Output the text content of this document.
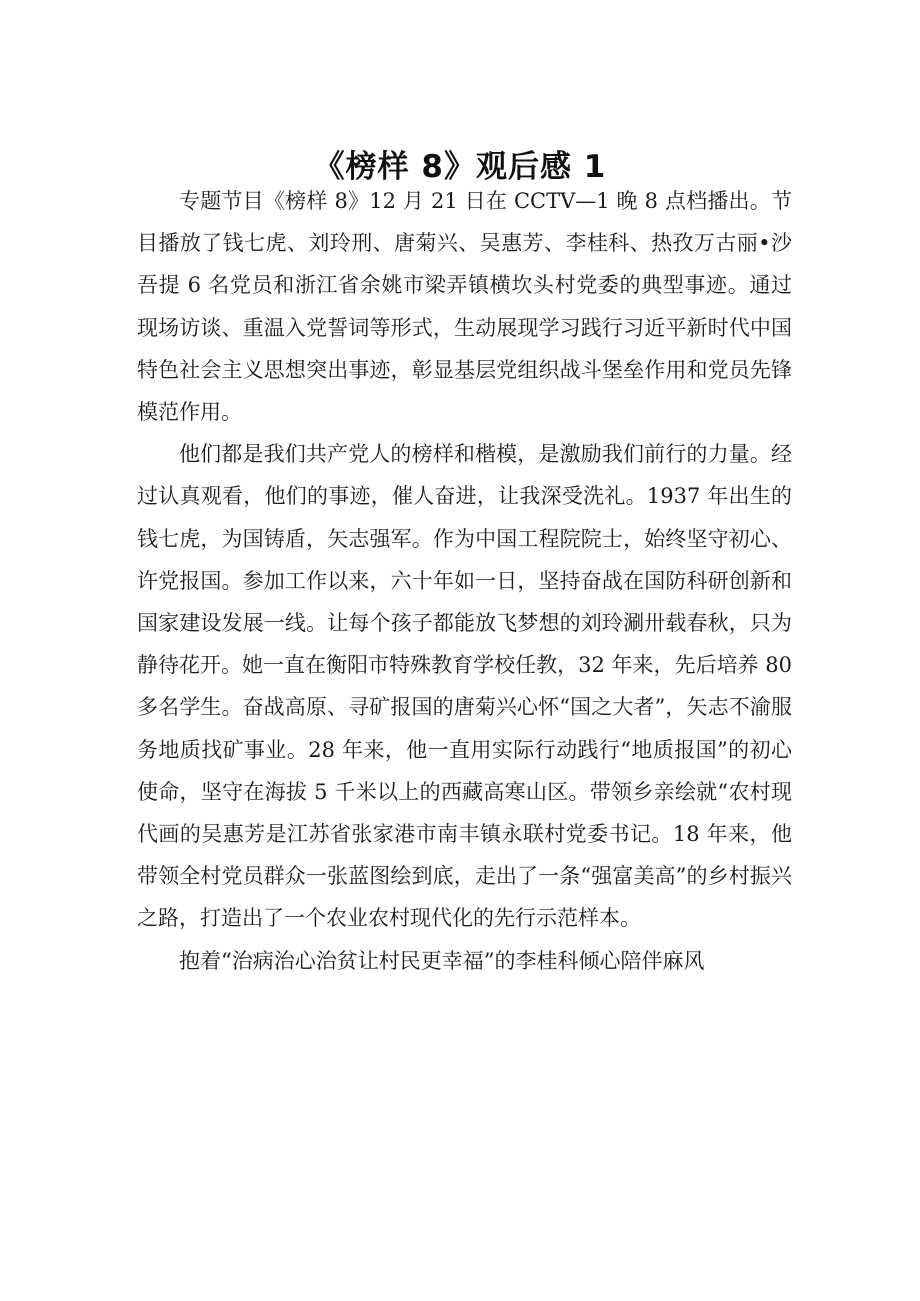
《榜样 8》观后感 1

专题节目《榜样 8》12 月 21 日在 CCTV—1 晚 8 点档播出。节目播放了钱七虎、刘玲刑、唐菊兴、吴惠芳、李桂科、热孜万古丽•沙吾提 6 名党员和浙江省余姚市梁弄镇横坎头村党委的典型事迹。通过现场访谈、重温入党誓词等形式，生动展现学习践行习近平新时代中国特色社会主义思想突出事迹，彰显基层党组织战斗堡垒作用和党员先锋模范作用。

他们都是我们共产党人的榜样和楷模，是激励我们前行的力量。经过认真观看，他们的事迹，催人奋进，让我深受洗礼。1937 年出生的钱七虎，为国铸盾，矢志强军。作为中国工程院院士，始终坚守初心、许党报国。参加工作以来，六十年如一日，坚持奋战在国防科研创新和国家建设发展一线。让每个孩子都能放飞梦想的刘玲涮卅载春秋，只为静待花开。她一直在衡阳市特殊教育学校任教，32 年来，先后培养 80 多名学生。奋战高原、寻矿报国的唐菊兴心怀“国之大者”，矢志不渝服务地质找矿事业。28 年来，他一直用实际行动践行“地质报国”的初心使命，坚守在海拔 5 千米以上的西藏高寒山区。带领乡亲绘就“农村现代画的吴惠芳是江苏省张家港市南丰镇永联村党委书记。18 年来，他带领全村党员群众一张蓝图绘到底，走出了一条“强富美高”的乡村振兴之路，打造出了一个农业农村现代化的先行示范样本。

抱着“治病治心治贫让村民更幸福”的李桂科倾心陪伴麻风
